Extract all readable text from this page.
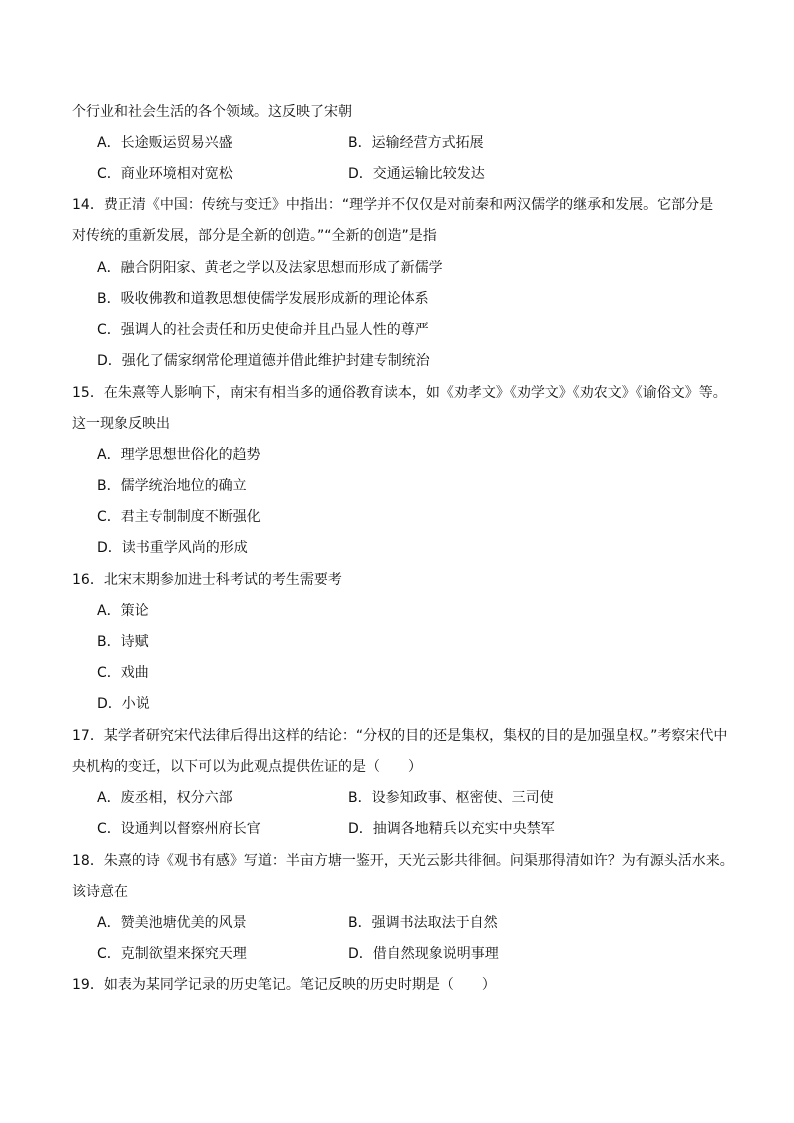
个行业和社会生活的各个领域。这反映了宋朝
A．长途贩运贸易兴盛	B．运输经营方式拓展
C．商业环境相对宽松	D．交通运输比较发达
14．费正清《中国：传统与变迁》中指出：“理学并不仅仅是对前秦和两汉儒学的继承和发展。它部分是
对传统的重新发展，部分是全新的创造。”“全新的创造”是指
A．融合阴阳家、黄老之学以及法家思想而形成了新儒学
B．吸收佛教和道教思想使儒学发展形成新的理论体系
C．强调人的社会责任和历史使命并且凸显人性的尊严
D．强化了儒家纲常伦理道德并借此维护封建专制统治
15．在朱熹等人影响下，南宋有相当多的通俗教育读本，如《劝孝文》《劝学文》《劝农文》《谕俗文》等。
这一现象反映出
A．理学思想世俗化的趋势
B．儒学统治地位的确立
C．君主专制制度不断强化
D．读书重学风尚的形成
16．北宋末期参加进士科考试的考生需要考
A．策论
B．诗赋
C．戏曲
D．小说
17．某学者研究宋代法律后得出这样的结论：“分权的目的还是集权，集权的目的是加强皇权。”考察宋代中
央机构的变迁，以下可以为此观点提供佐证的是（　　）
A．废丞相，权分六部	B．设参知政事、枢密使、三司使
C．设通判以督察州府长官	D．抽调各地精兵以充实中央禁军
18．朱熹的诗《观书有感》写道：半亩方塘一鉴开，天光云影共徘徊。问渠那得清如许？为有源头活水来。
该诗意在
A．赞美池塘优美的风景	B．强调书法取法于自然
C．克制欲望来探究天理	D．借自然现象说明事理
19．如表为某同学记录的历史笔记。笔记反映的历史时期是（　　）
